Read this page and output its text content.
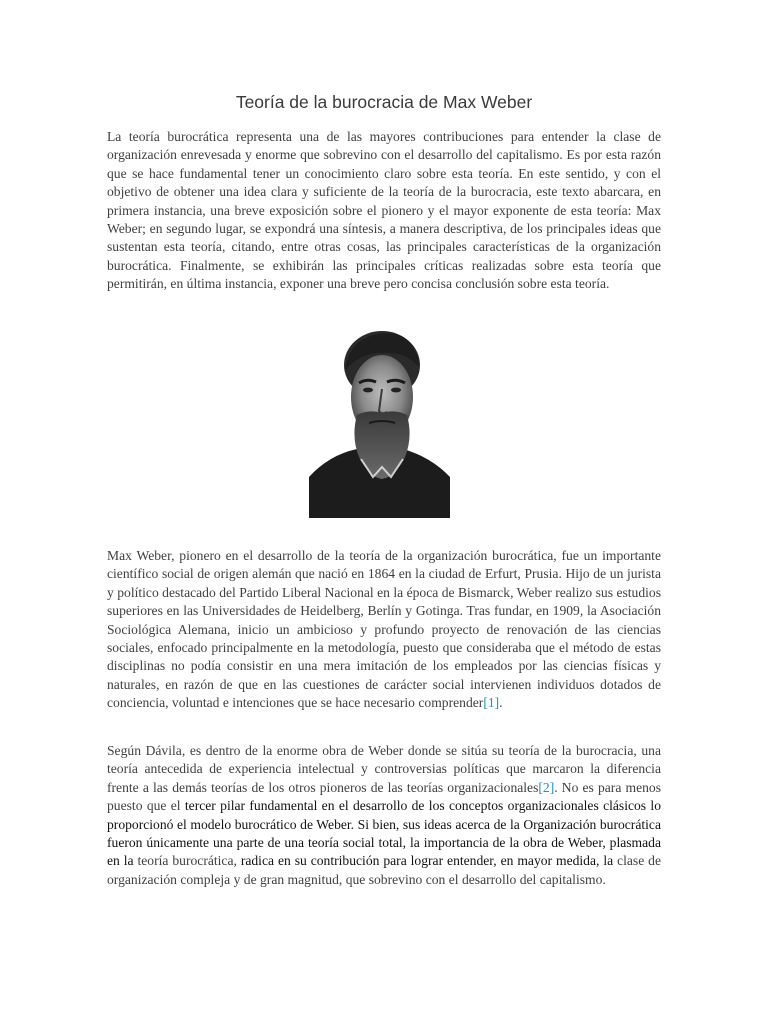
Teoría de la burocracia de Max Weber

La teoría burocrática representa una de las mayores contribuciones para entender la clase de organización enrevesada y enorme que sobrevino con el desarrollo del capitalismo. Es por esta razón que se hace fundamental tener un conocimiento claro sobre esta teoría. En este sentido, y con el objetivo de obtener una idea clara y suficiente de la teoría de la burocracia, este texto abarcara, en primera instancia, una breve exposición sobre el pionero y el mayor exponente de esta teoría: Max Weber; en segundo lugar, se expondrá una síntesis, a manera descriptiva, de los principales ideas que sustentan esta teoría, citando, entre otras cosas, las principales características de la organización burocrática. Finalmente, se exhibirán las principales críticas realizadas sobre esta teoría que permitirán, en última instancia, exponer una breve pero concisa conclusión sobre esta teoría.

Max Weber, pionero en el desarrollo de la teoría de la organización burocrática, fue un importante científico social de origen alemán que nació en 1864 en la ciudad de Erfurt, Prusia. Hijo de un jurista y político destacado del Partido Liberal Nacional en la época de Bismarck, Weber realizo sus estudios superiores en las Universidades de Heidelberg, Berlín y Gotinga. Tras fundar, en 1909, la Asociación Sociológica Alemana, inicio un ambicioso y profundo proyecto de renovación de las ciencias sociales, enfocado principalmente en la metodología, puesto que consideraba que el método de estas disciplinas no podía consistir en una mera imitación de los empleados por las ciencias físicas y naturales, en razón de que en las cuestiones de carácter social intervienen individuos dotados de conciencia, voluntad e intenciones que se hace necesario comprender[1].

Según Dávila, es dentro de la enorme obra de Weber donde se sitúa su teoría de la burocracia, una teoría antecedida de experiencia intelectual y controversias políticas que marcaron la diferencia frente a las demás teorías de los otros pioneros de las teorías organizacionales[2]. No es para menos puesto que el tercer pilar fundamental en el desarrollo de los conceptos organizacionales clásicos lo proporcionó el modelo burocrático de Weber. Si bien, sus ideas acerca de la Organización burocrática fueron únicamente una parte de una teoría social total, la importancia de la obra de Weber, plasmada en la teoría burocrática, radica en su contribución para lograr entender, en mayor medida, la clase de organización compleja y de gran magnitud, que sobrevino con el desarrollo del capitalismo.
